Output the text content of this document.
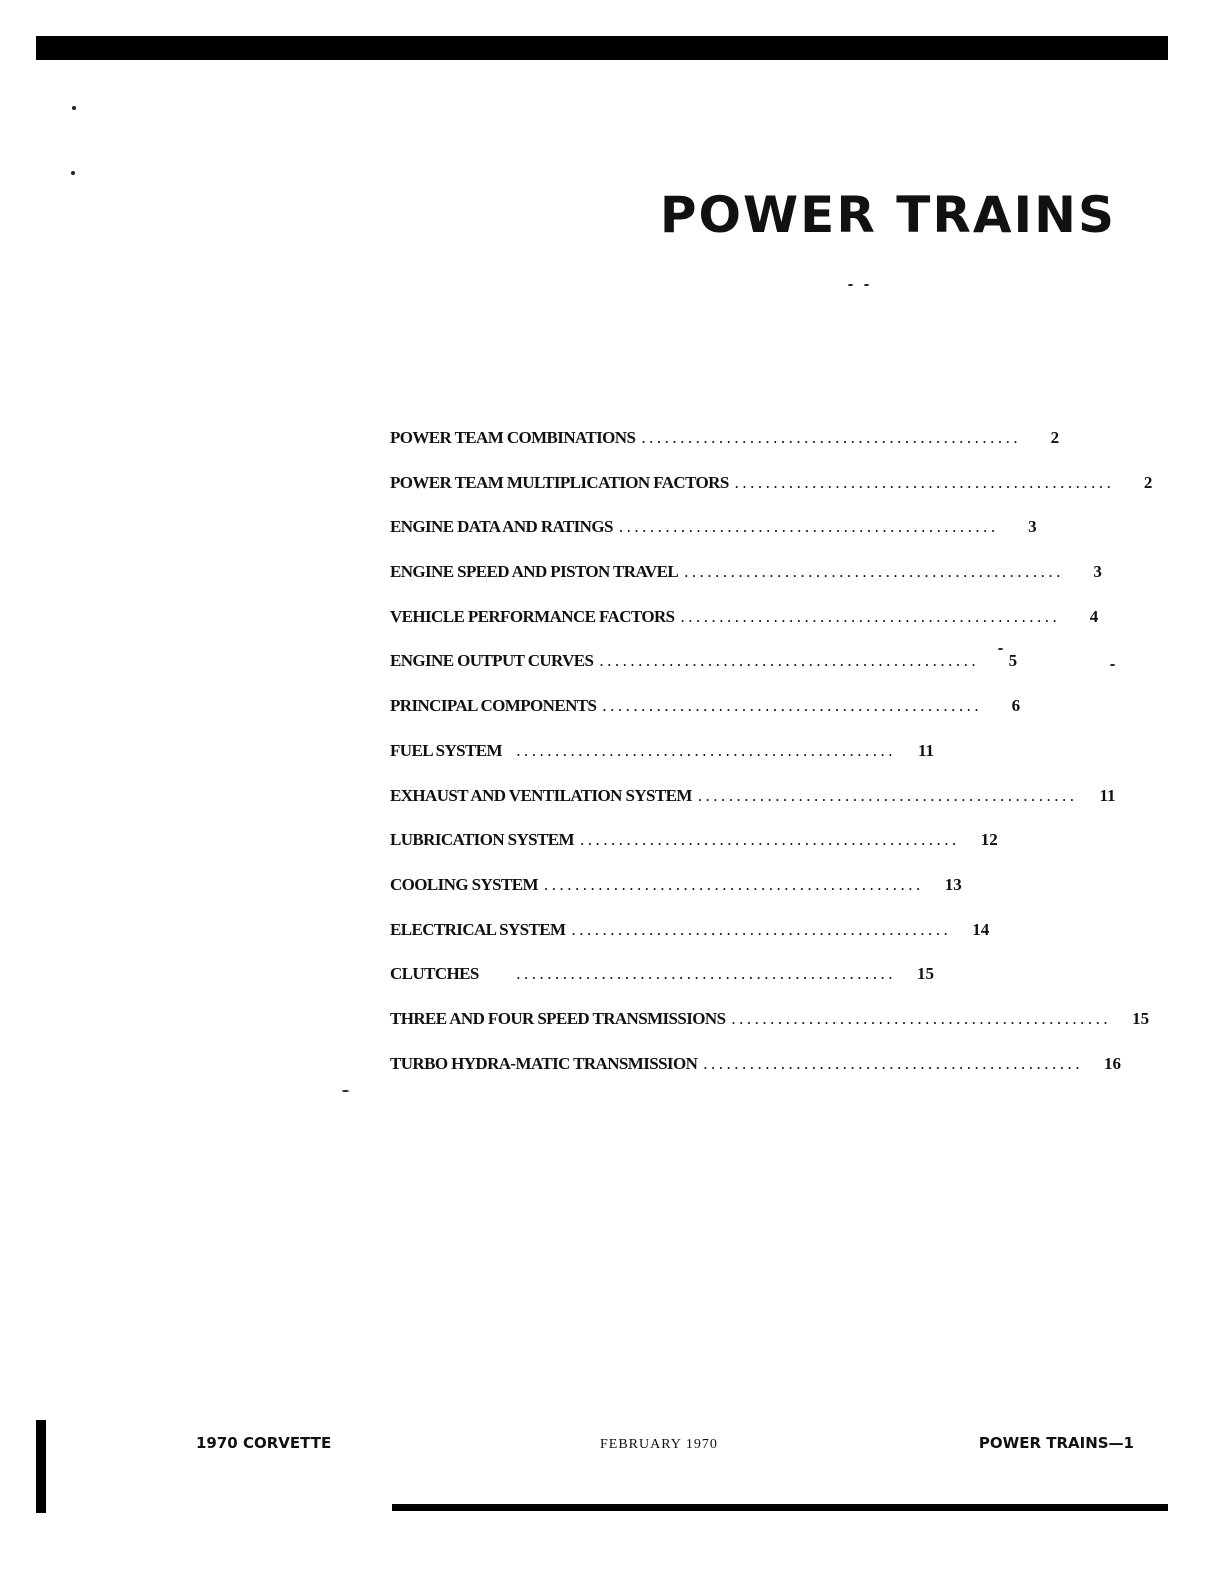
POWER TRAINS
POWER TEAM COMBINATIONS .................................................	2
POWER TEAM MULTIPLICATION FACTORS .................................................	2
ENGINE DATA AND RATINGS .................................................	3
ENGINE SPEED AND PISTON TRAVEL .................................................	3
VEHICLE PERFORMANCE FACTORS .................................................	4
ENGINE OUTPUT CURVES .................................................	5
PRINCIPAL COMPONENTS .................................................	6
FUEL SYSTEM .................................................	11
EXHAUST AND VENTILATION SYSTEM .................................................	11
LUBRICATION SYSTEM .................................................	12
COOLING SYSTEM .................................................	13
ELECTRICAL SYSTEM .................................................	14
CLUTCHES	.................................................	15
THREE AND FOUR SPEED TRANSMISSIONS .................................................	15
TURBO HYDRA-MATIC TRANSMISSION .................................................	16
1970 CORVETTE	FEBRUARY 1970	POWER TRAINS—1
